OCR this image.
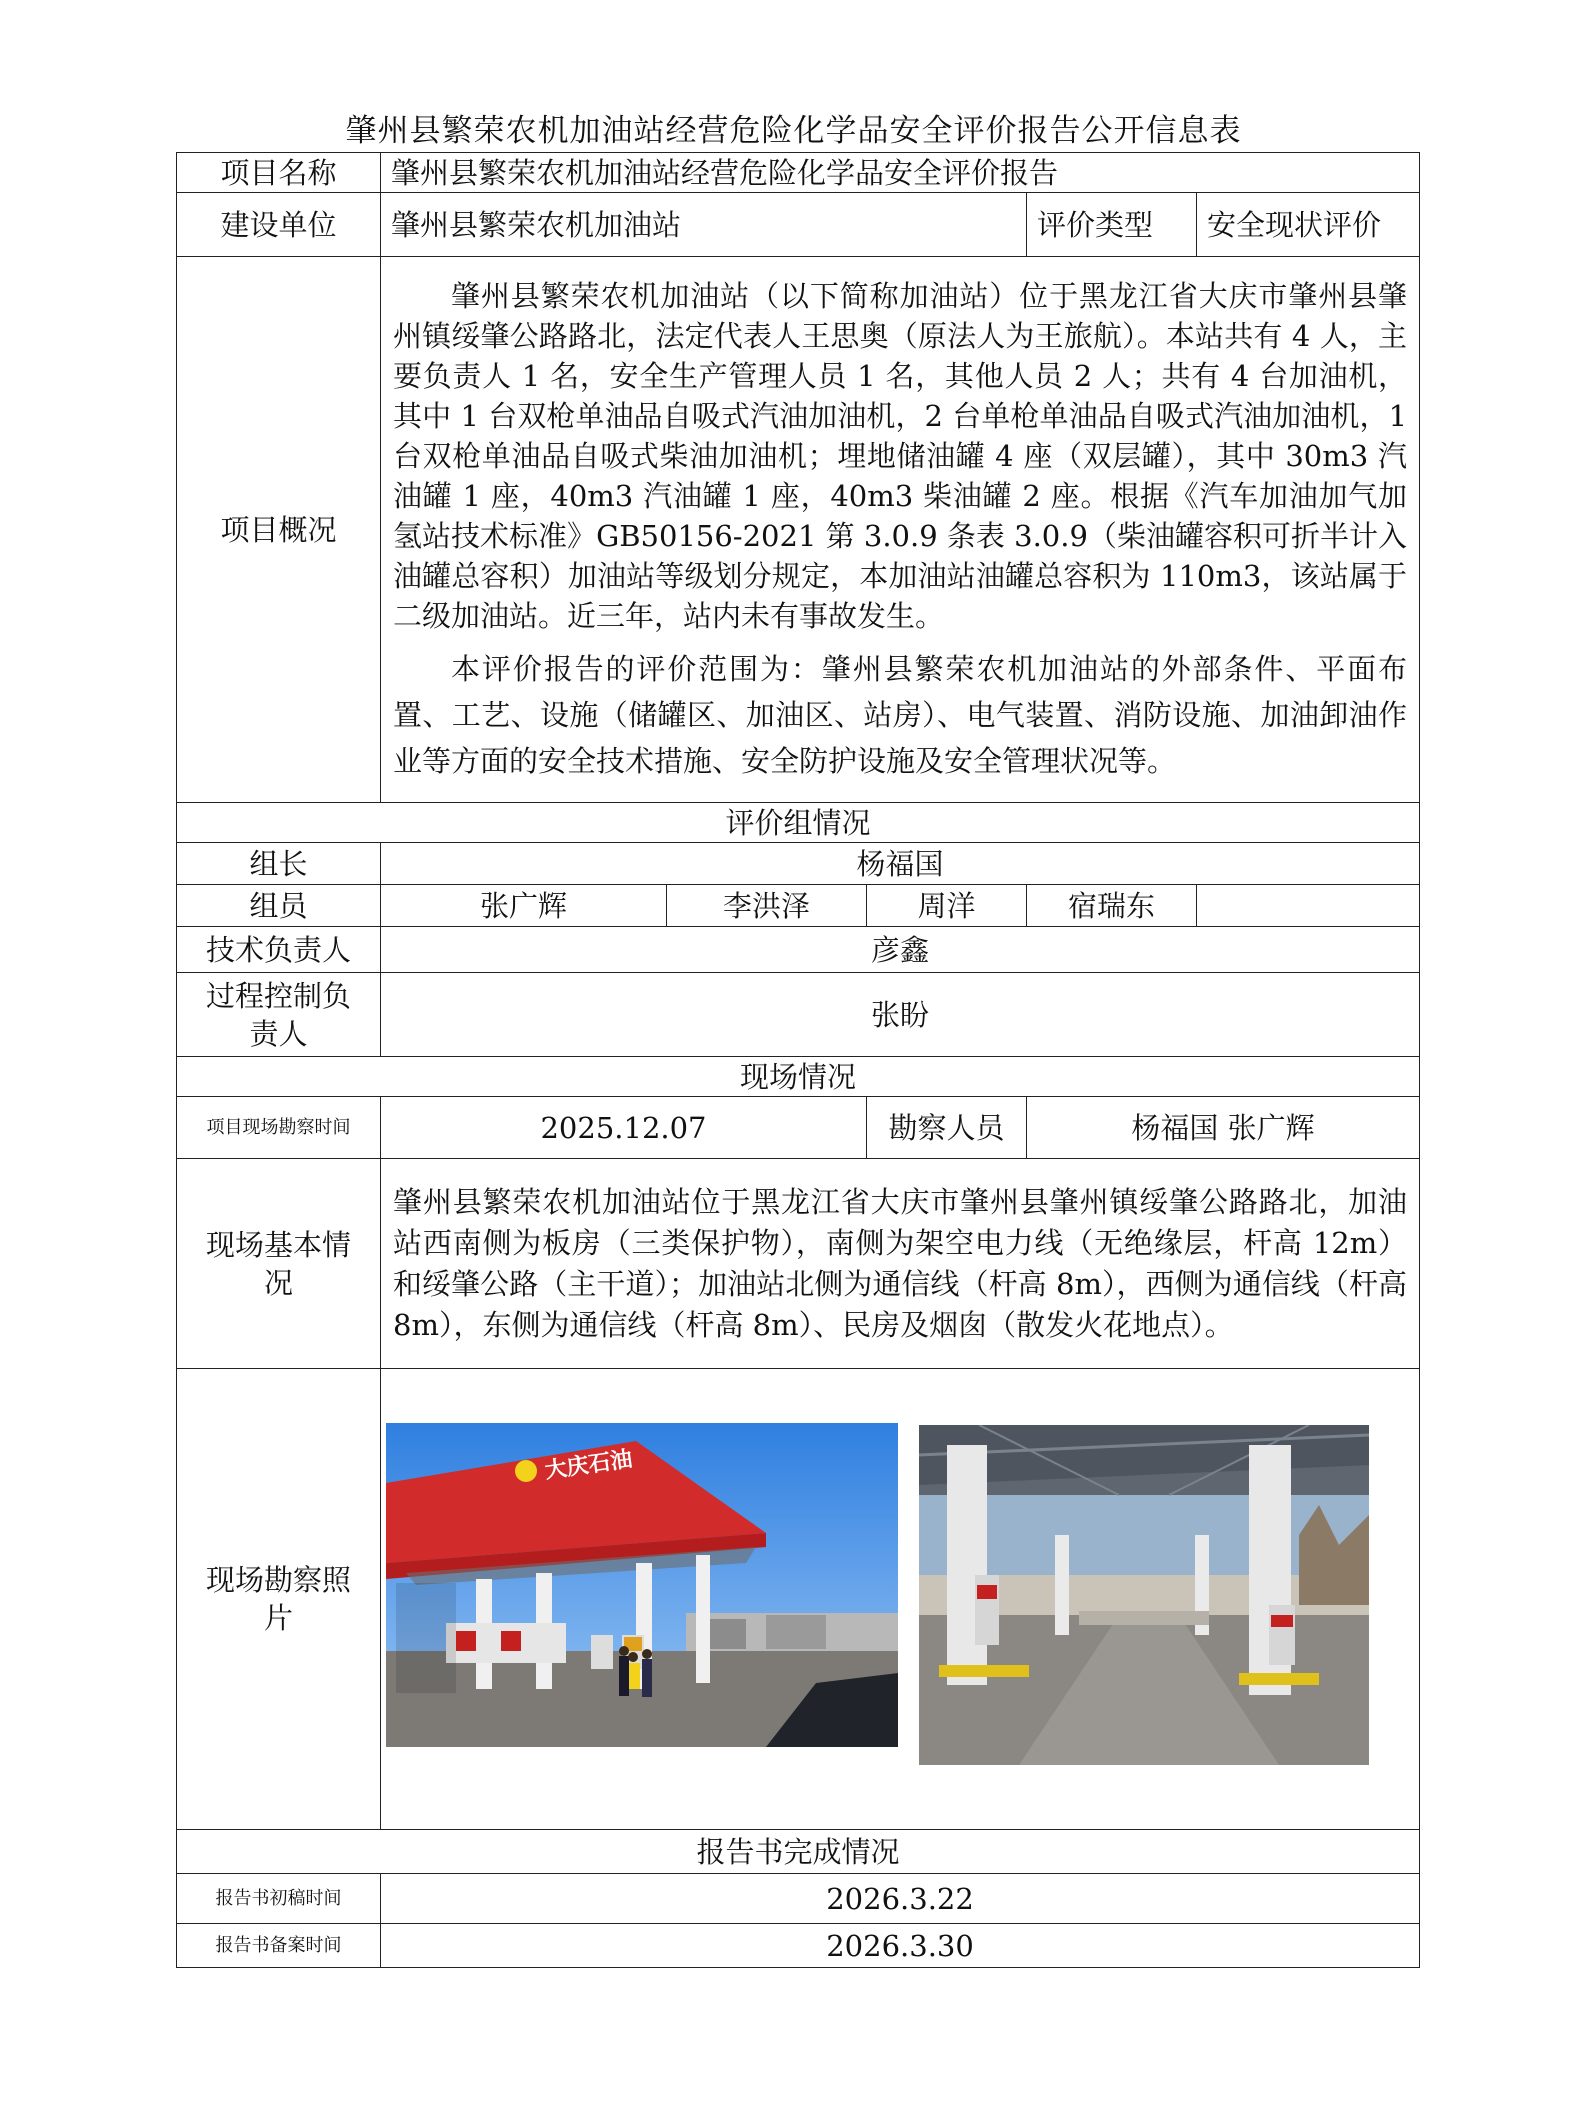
肇州县繁荣农机加油站经营危险化学品安全评价报告公开信息表
项目名称	肇州县繁荣农机加油站经营危险化学品安全评价报告				
建设单位	肇州县繁荣农机加油站			评价类型	安全现状评价
项目概况	肇州县繁荣农机加油站（以下简称加油站）位于黑龙江省大庆市肇州县肇州镇绥肇公路路北，法定代表人王思奥（原法人为王旅航）。本站共有 4 人，主要负责人 1 名，安全生产管理人员 1 名，其他人员 2 人；共有 4 台加油机，其中 1 台双枪单油品自吸式汽油加油机，2 台单枪单油品自吸式汽油加油机，1 台双枪单油品自吸式柴油加油机；埋地储油罐 4 座（双层罐），其中 30m3 汽油罐 1 座，40m3 汽油罐 1 座，40m3 柴油罐 2 座。根据《汽车加油加气加氢站技术标准》GB50156-2021 第 3.0.9 条表 3.0.9（柴油罐容积可折半计入油罐总容积）加油站等级划分规定，本加油站油罐总容积为 110m3，该站属于二级加油站。近三年，站内未有事故发生。

本评价报告的评价范围为：肇州县繁荣农机加油站的外部条件、平面布置、工艺、设施（储罐区、加油区、站房）、电气装置、消防设施、加油卸油作业等方面的安全技术措施、安全防护设施及安全管理状况等。				

评价组情况					
组长	杨福国				
组员	张广辉	李洪泽	周洋	宿瑞东	
技术负责人	彦鑫				
过程控制负责人	张盼				
现场情况					
项目现场勘察时间	2025.12.07		勘察人员	杨福国 张广辉	
现场基本情况	肇州县繁荣农机加油站位于黑龙江省大庆市肇州县肇州镇绥肇公路路北，加油站西南侧为板房（三类保护物），南侧为架空电力线（无绝缘层，杆高 12m）和绥肇公路（主干道）；加油站北侧为通信线（杆高 8m），西侧为通信线（杆高 8m），东侧为通信线（杆高 8m）、民房及烟囱（散发火花地点）。				

现场勘察照片	大庆石油				

报告书完成情况					
报告书初稿时间	2026.3.22				
报告书备案时间	2026.3.30				
